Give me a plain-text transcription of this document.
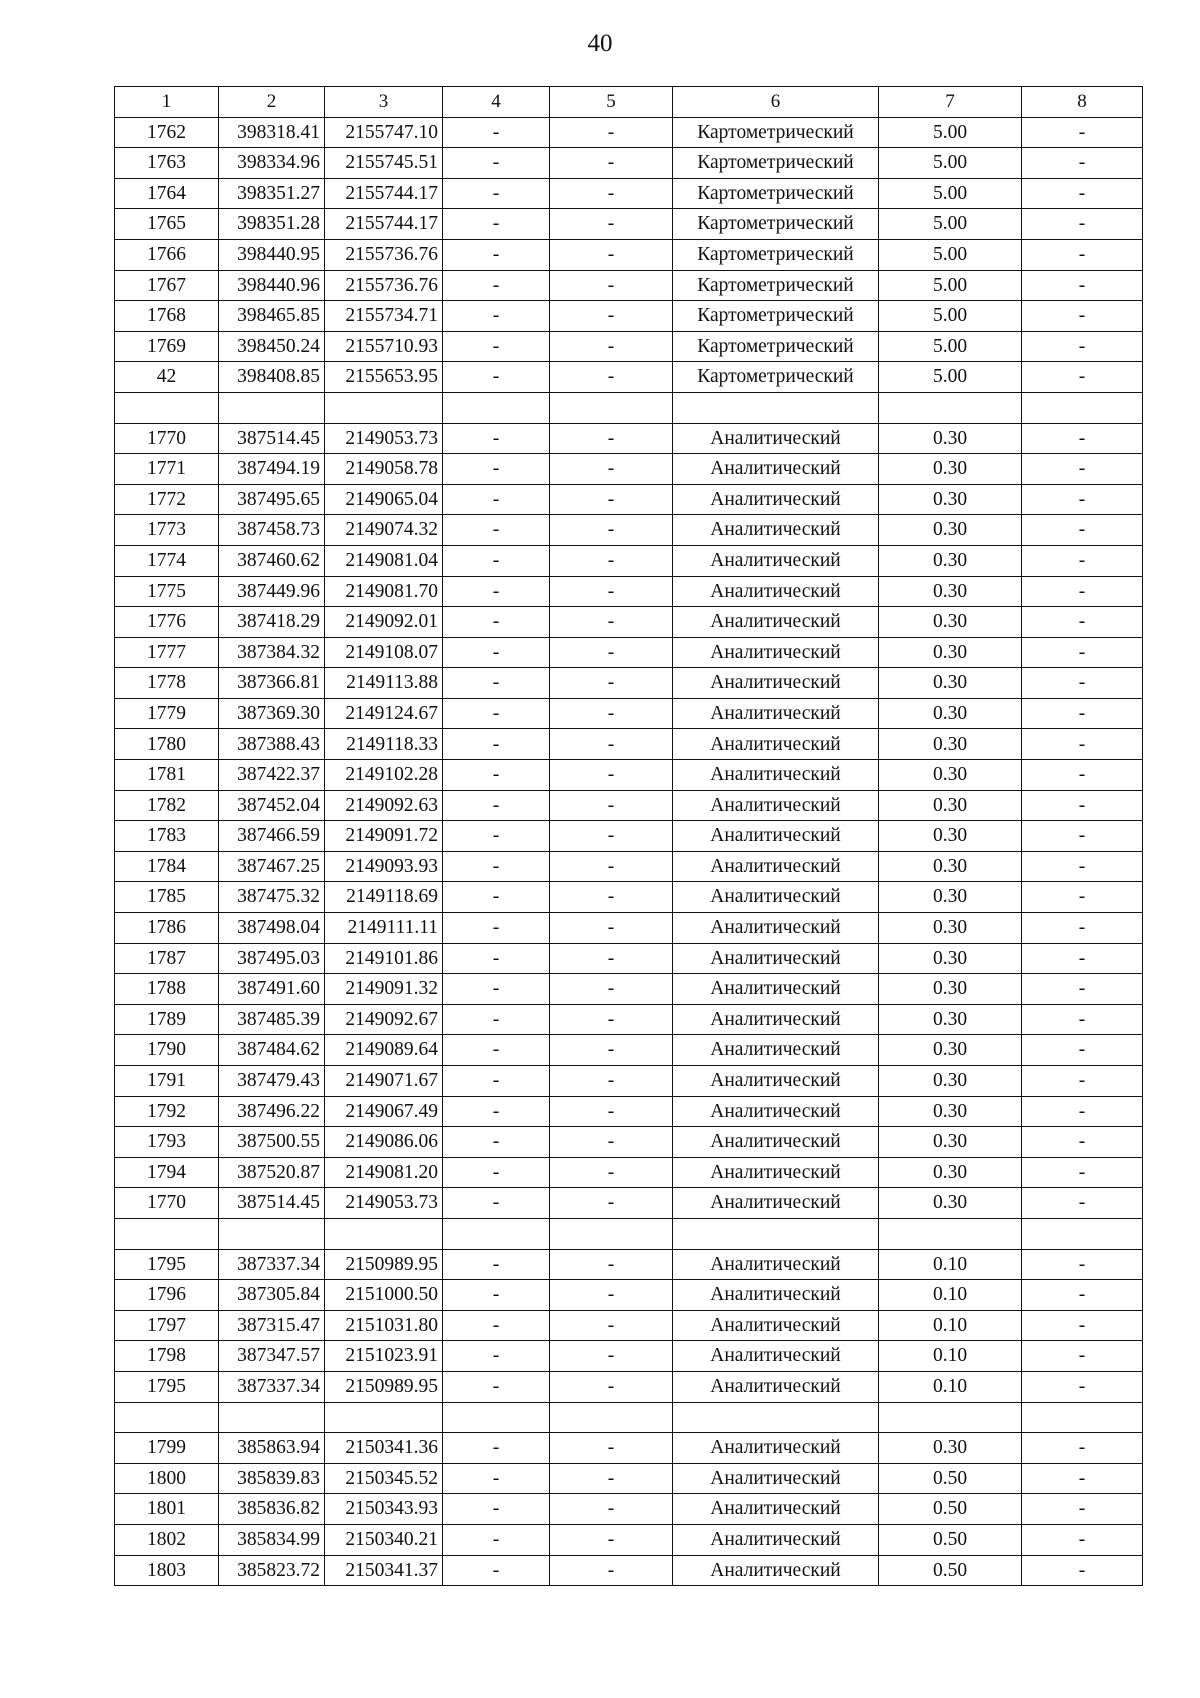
40
1	2	3	4	5	6	7	8
1762	398318.41	2155747.10	-	-	Картометрический	5.00	-
1763	398334.96	2155745.51	-	-	Картометрический	5.00	-
1764	398351.27	2155744.17	-	-	Картометрический	5.00	-
1765	398351.28	2155744.17	-	-	Картометрический	5.00	-
1766	398440.95	2155736.76	-	-	Картометрический	5.00	-
1767	398440.96	2155736.76	-	-	Картометрический	5.00	-
1768	398465.85	2155734.71	-	-	Картометрический	5.00	-
1769	398450.24	2155710.93	-	-	Картометрический	5.00	-
42	398408.85	2155653.95	-	-	Картометрический	5.00	-

1770	387514.45	2149053.73	-	-	Аналитический	0.30	-
1771	387494.19	2149058.78	-	-	Аналитический	0.30	-
1772	387495.65	2149065.04	-	-	Аналитический	0.30	-
1773	387458.73	2149074.32	-	-	Аналитический	0.30	-
1774	387460.62	2149081.04	-	-	Аналитический	0.30	-
1775	387449.96	2149081.70	-	-	Аналитический	0.30	-
1776	387418.29	2149092.01	-	-	Аналитический	0.30	-
1777	387384.32	2149108.07	-	-	Аналитический	0.30	-
1778	387366.81	2149113.88	-	-	Аналитический	0.30	-
1779	387369.30	2149124.67	-	-	Аналитический	0.30	-
1780	387388.43	2149118.33	-	-	Аналитический	0.30	-
1781	387422.37	2149102.28	-	-	Аналитический	0.30	-
1782	387452.04	2149092.63	-	-	Аналитический	0.30	-
1783	387466.59	2149091.72	-	-	Аналитический	0.30	-
1784	387467.25	2149093.93	-	-	Аналитический	0.30	-
1785	387475.32	2149118.69	-	-	Аналитический	0.30	-
1786	387498.04	2149111.11	-	-	Аналитический	0.30	-
1787	387495.03	2149101.86	-	-	Аналитический	0.30	-
1788	387491.60	2149091.32	-	-	Аналитический	0.30	-
1789	387485.39	2149092.67	-	-	Аналитический	0.30	-
1790	387484.62	2149089.64	-	-	Аналитический	0.30	-
1791	387479.43	2149071.67	-	-	Аналитический	0.30	-
1792	387496.22	2149067.49	-	-	Аналитический	0.30	-
1793	387500.55	2149086.06	-	-	Аналитический	0.30	-
1794	387520.87	2149081.20	-	-	Аналитический	0.30	-
1770	387514.45	2149053.73	-	-	Аналитический	0.30	-

1795	387337.34	2150989.95	-	-	Аналитический	0.10	-
1796	387305.84	2151000.50	-	-	Аналитический	0.10	-
1797	387315.47	2151031.80	-	-	Аналитический	0.10	-
1798	387347.57	2151023.91	-	-	Аналитический	0.10	-
1795	387337.34	2150989.95	-	-	Аналитический	0.10	-

1799	385863.94	2150341.36	-	-	Аналитический	0.30	-
1800	385839.83	2150345.52	-	-	Аналитический	0.50	-
1801	385836.82	2150343.93	-	-	Аналитический	0.50	-
1802	385834.99	2150340.21	-	-	Аналитический	0.50	-
1803	385823.72	2150341.37	-	-	Аналитический	0.50	-
